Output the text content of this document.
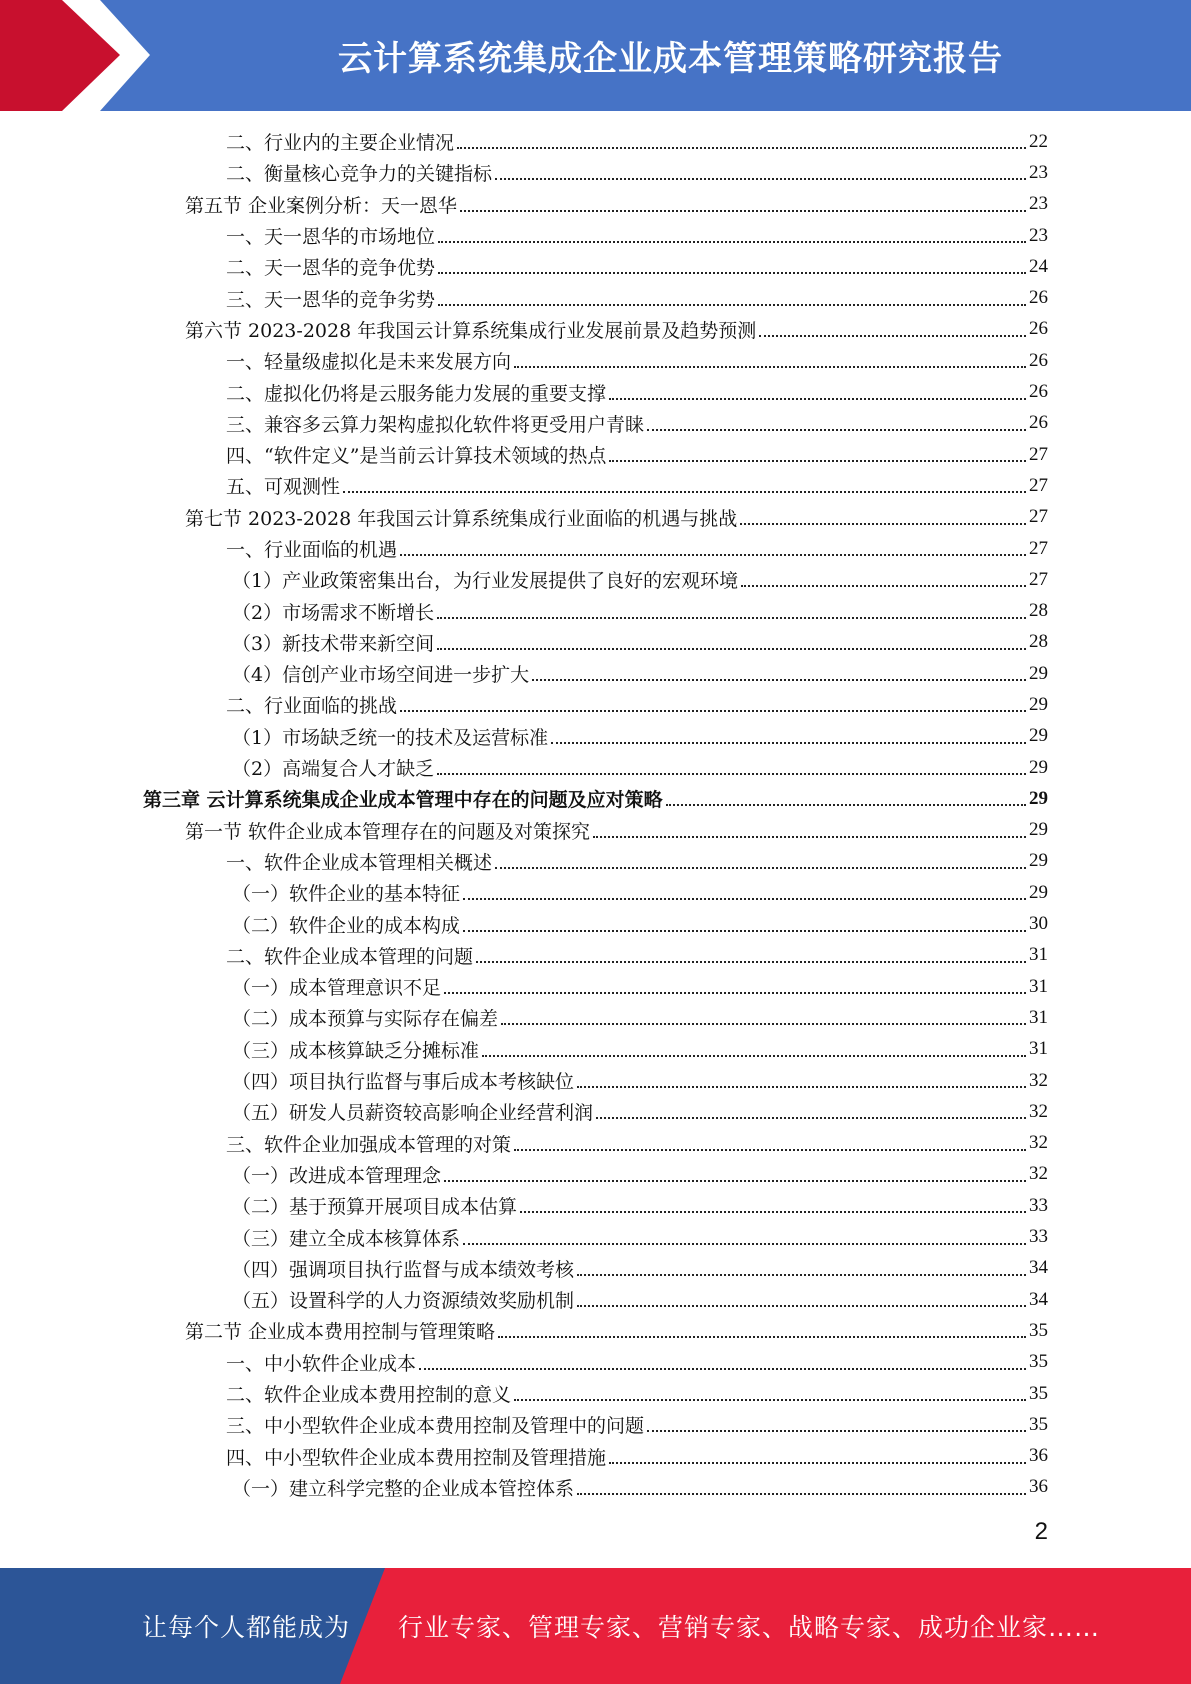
云计算系统集成企业成本管理策略研究报告
二、行业内的主要企业情况	22
二、衡量核心竞争力的关键指标	23
第五节 企业案例分析：天一恩华	23
一、天一恩华的市场地位	23
二、天一恩华的竞争优势	24
三、天一恩华的竞争劣势	26
第六节 2023-2028 年我国云计算系统集成行业发展前景及趋势预测	26
一、轻量级虚拟化是未来发展方向	26
二、虚拟化仍将是云服务能力发展的重要支撑	26
三、兼容多云算力架构虚拟化软件将更受用户青睐	26
四、“软件定义”是当前云计算技术领域的热点	27
五、可观测性	27
第七节 2023-2028 年我国云计算系统集成行业面临的机遇与挑战	27
一、行业面临的机遇	27
（1）产业政策密集出台，为行业发展提供了良好的宏观环境	27
（2）市场需求不断增长	28
（3）新技术带来新空间	28
（4）信创产业市场空间进一步扩大	29
二、行业面临的挑战	29
（1）市场缺乏统一的技术及运营标准	29
（2）高端复合人才缺乏	29
第三章 云计算系统集成企业成本管理中存在的问题及应对策略	29
第一节 软件企业成本管理存在的问题及对策探究	29
一、软件企业成本管理相关概述	29
（一）软件企业的基本特征	29
（二）软件企业的成本构成	30
二、软件企业成本管理的问题	31
（一）成本管理意识不足	31
（二）成本预算与实际存在偏差	31
（三）成本核算缺乏分摊标准	31
（四）项目执行监督与事后成本考核缺位	32
（五）研发人员薪资较高影响企业经营利润	32
三、软件企业加强成本管理的对策	32
（一）改进成本管理理念	32
（二）基于预算开展项目成本估算	33
（三）建立全成本核算体系	33
（四）强调项目执行监督与成本绩效考核	34
（五）设置科学的人力资源绩效奖励机制	34
第二节 企业成本费用控制与管理策略	35
一、中小软件企业成本	35
二、软件企业成本费用控制的意义	35
三、中小型软件企业成本费用控制及管理中的问题	35
四、中小型软件企业成本费用控制及管理措施	36
（一）建立科学完整的企业成本管控体系	36
2
让每个人都能成为 行业专家、管理专家、营销专家、战略专家、成功企业家……
